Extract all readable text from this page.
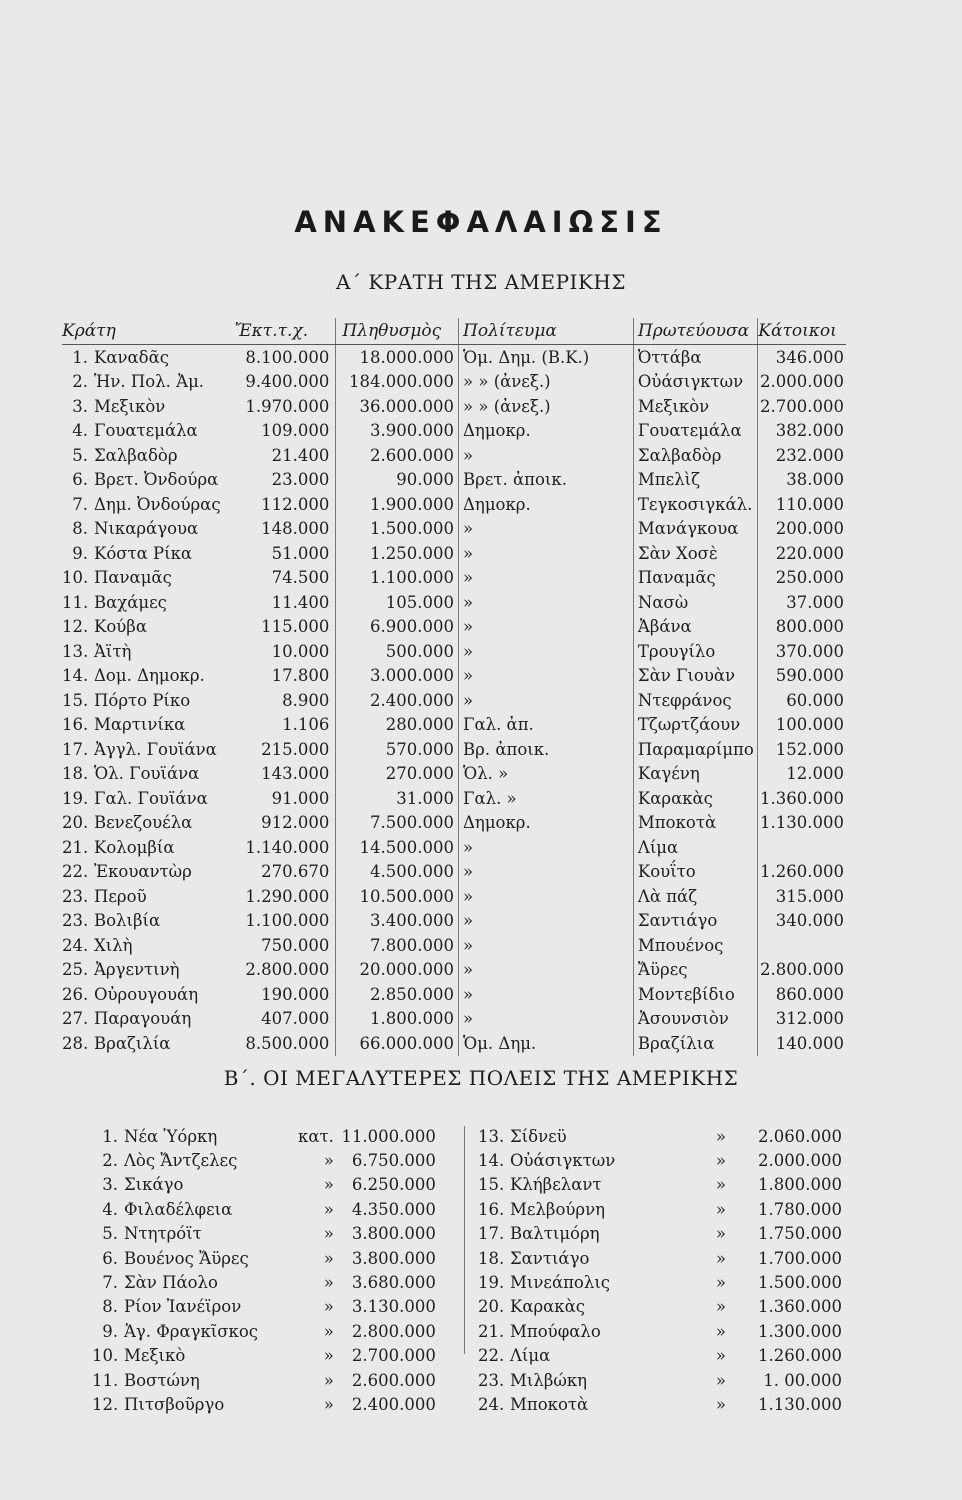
ΑΝΑΚΕΦΑΛΑΙΩΣΙΣ
Α΄ ΚΡΑΤΗ ΤΗΣ ΑΜΕΡΙΚΗΣ
Κράτη	Ἔκτ.τ.χ.	Πληθυσμὸς	Πολίτευμα	Πρωτεύουσα	Κάτοικοι
1. Καναδᾶς	8.100.000	18.000.000	Ὁμ. Δημ. (Β.Κ.)	Ὀττάβα	346.000
2. Ἡν. Πολ. Ἀμ.	9.400.000	184.000.000	» » (ἀνεξ.)	Οὐάσιγκτων	2.000.000
3. Μεξικὸν	1.970.000	36.000.000	» » (ἀνεξ.)	Μεξικὸν	2.700.000
4. Γουατεμάλα	109.000	3.900.000	Δημοκρ.	Γουατεμάλα	382.000
5. Σαλβαδὸρ	21.400	2.600.000	»	Σαλβαδὸρ	232.000
6. Βρετ. Ὀνδούρα	23.000	90.000	Βρετ. ἀποικ.	Μπελὶζ	38.000
7. Δημ. Ὀνδούρας	112.000	1.900.000	Δημοκρ.	Τεγκοσιγκάλ.	110.000
8. Νικαράγουα	148.000	1.500.000	»	Μανάγκουα	200.000
9. Κόστα Ρίκα	51.000	1.250.000	»	Σὰν Χοσὲ	220.000
10. Παναμᾶς	74.500	1.100.000	»	Παναμᾶς	250.000
11. Βαχάμες	11.400	105.000	»	Νασὼ	37.000
12. Κούβα	115.000	6.900.000	»	Ἀβάνα	800.000
13. Ἀϊτὴ	10.000	500.000	»	Τρουγίλο	370.000
14. Δομ. Δημοκρ.	17.800	3.000.000	»	Σὰν Γιουὰν	590.000
15. Πόρτο Ρίκο	8.900	2.400.000	»	Ντεφράνος	60.000
16. Μαρτινίκα	1.106	280.000	Γαλ. ἀπ.	Τζωρτζάουν	100.000
17. Ἀγγλ. Γουϊάνα	215.000	570.000	Βρ. ἀποικ.	Παραμαρίμπο	152.000
18. Ὁλ. Γουϊάνα	143.000	270.000	Ὁλ. »	Καγένη	12.000
19. Γαλ. Γουϊάνα	91.000	31.000	Γαλ. »	Καρακὰς	1.360.000
20. Βενεζουέλα	912.000	7.500.000	Δημοκρ.	Μποκοτὰ	1.130.000
21. Κολομβία	1.140.000	14.500.000	»	Λίμα	
22. Ἐκουαντὼρ	270.670	4.500.000	»	Κουΐτο	1.260.000
23. Περοῦ	1.290.000	10.500.000	»	Λὰ πάζ	315.000
23. Βολιβία	1.100.000	3.400.000	»	Σαντιάγο	340.000
24. Χιλὴ	750.000	7.800.000	»	Μπουένος	
25. Ἀργεντινὴ	2.800.000	20.000.000	»	Ἄϋρες	2.800.000
26. Οὐρουγουάη	190.000	2.850.000	»	Μοντεβίδιο	860.000
27. Παραγουάη	407.000	1.800.000	»	Ἀσουνσιὸν	312.000
28. Βραζιλία	8.500.000	66.000.000	Ὁμ. Δημ.	Βραζίλια	140.000
Β΄. ΟΙ ΜΕΓΑΛΥΤΕΡΕΣ ΠΟΛΕΙΣ ΤΗΣ ΑΜΕΡΙΚΗΣ
1. Νέα Ὑόρκη	κατ.	11.000.000
2. Λὸς Ἄντζελες	»	6.750.000
3. Σικάγο	»	6.250.000
4. Φιλαδέλφεια	»	4.350.000
5. Ντητρόϊτ	»	3.800.000
6. Βουένος Ἄϋρες	»	3.800.000
7. Σὰν Πάολο	»	3.680.000
8. Ρίον Ἰανέϊρον	»	3.130.000
9. Ἁγ. Φραγκῖσκος	»	2.800.000
10. Μεξικὸ	»	2.700.000
11. Βοστώνη	»	2.600.000
12. Πιτσβοῦργο	»	2.400.000
13. Σίδνεϋ	»	2.060.000
14. Οὐάσιγκτων	»	2.000.000
15. Κλήβελαντ	»	1.800.000
16. Μελβούρνη	»	1.780.000
17. Βαλτιμόρη	»	1.750.000
18. Σαντιάγο	»	1.700.000
19. Μινεάπολις	»	1.500.000
20. Καρακὰς	»	1.360.000
21. Μπούφαλο	»	1.300.000
22. Λίμα	»	1.260.000
23. Μιλβώκη	»	1. 00.000
24. Μποκοτὰ	»	1.130.000
